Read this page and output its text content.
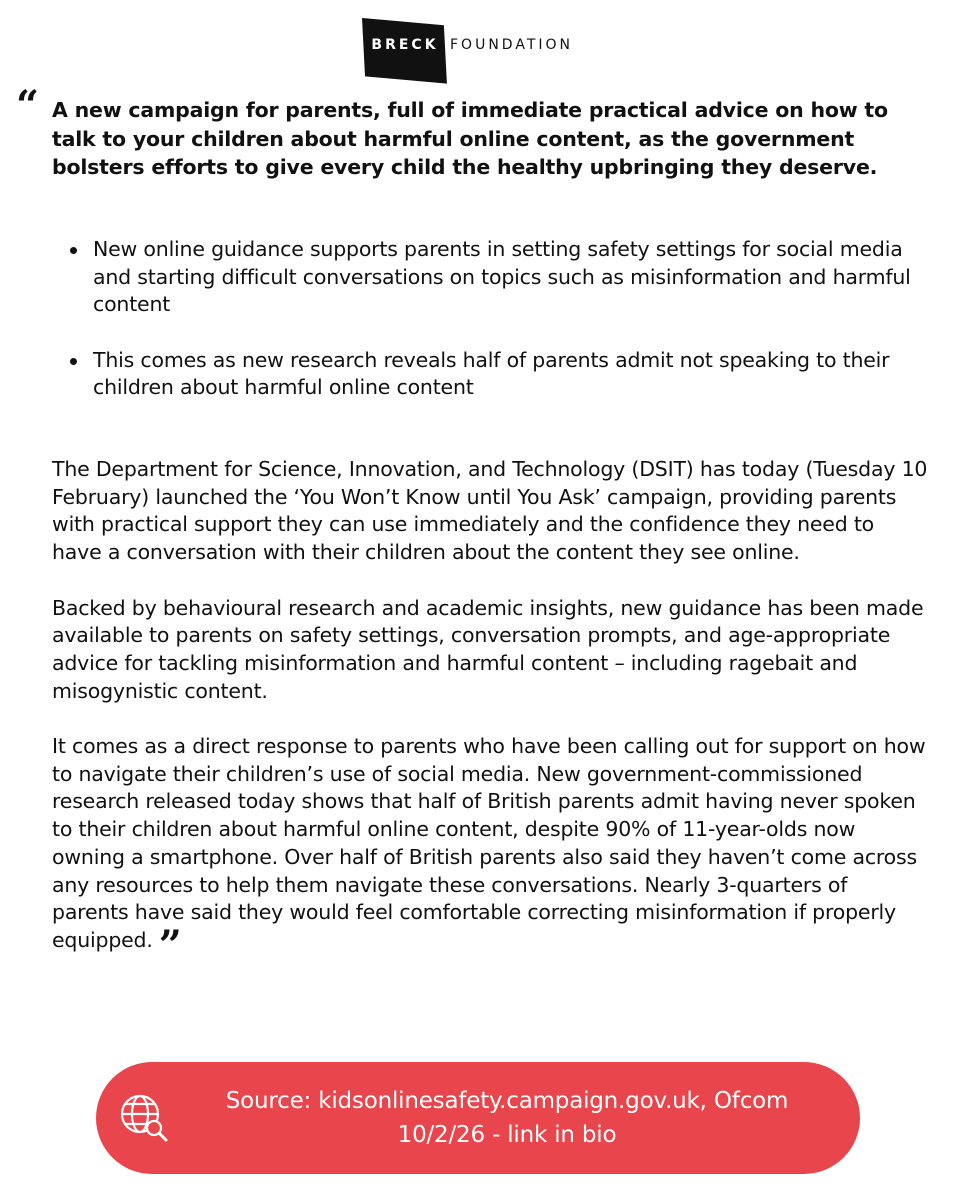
BRECK FOUNDATION
“ A new campaign for parents, full of immediate practical advice on how to talk to your children about harmful online content, as the government bolsters efforts to give every child the healthy upbringing they deserve.

New online guidance supports parents in setting safety settings for social media and starting difficult conversations on topics such as misinformation and harmful content
This comes as new research reveals half of parents admit not speaking to their children about harmful online content

The Department for Science, Innovation, and Technology (DSIT) has today (Tuesday 10 February) launched the ‘You Won’t Know until You Ask’ campaign, providing parents with practical support they can use immediately and the confidence they need to have a conversation with their children about the content they see online.

Backed by behavioural research and academic insights, new guidance has been made available to parents on safety settings, conversation prompts, and age-appropriate advice for tackling misinformation and harmful content – including ragebait and misogynistic content.

It comes as a direct response to parents who have been calling out for support on how to navigate their children’s use of social media. New government-commissioned research released today shows that half of British parents admit having never spoken to their children about harmful online content, despite 90% of 11-year-olds now owning a smartphone. Over half of British parents also said they haven’t come across any resources to help them navigate these conversations. Nearly 3-quarters of parents have said they would feel comfortable correcting misinformation if properly equipped. ”

Source: kidsonlinesafety.campaign.gov.uk, Ofcom
10/2/26 - link in bio
